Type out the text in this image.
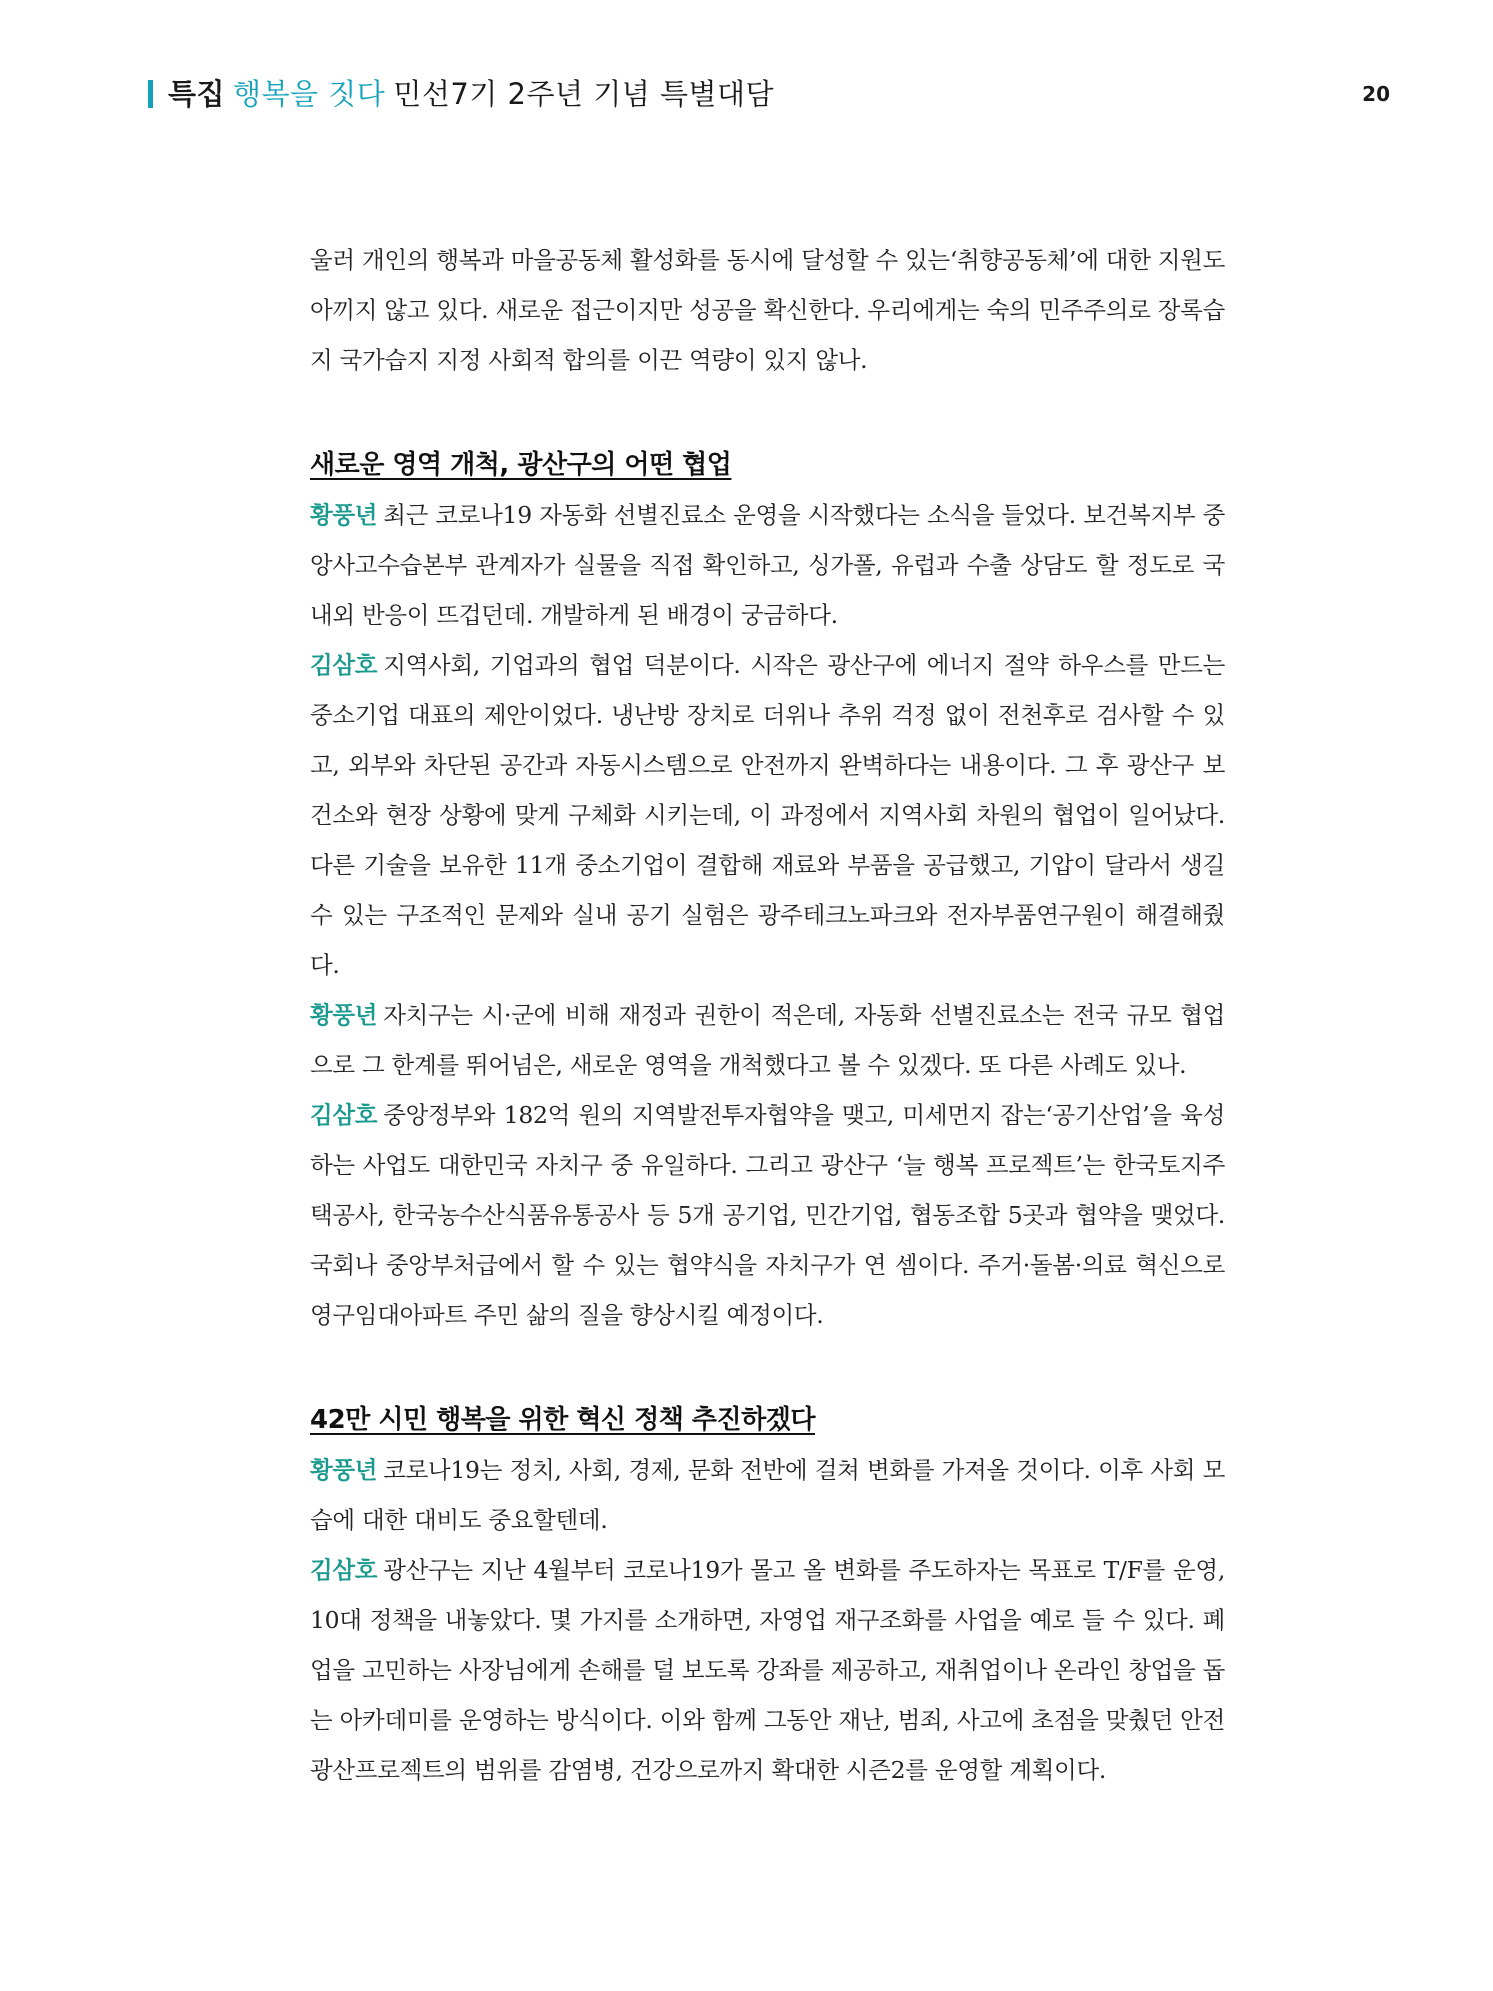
특집 행복을 짓다 민선7기 2주년 기념 특별대담	20

울러 개인의 행복과 마을공동체 활성화를 동시에 달성할 수 있는‘취향공동체’에 대한 지원도 아끼지 않고 있다. 새로운 접근이지만 성공을 확신한다. 우리에게는 숙의 민주주의로 장록습지 국가습지 지정 사회적 합의를 이끈 역량이 있지 않나.

새로운 영역 개척, 광산구의 어떤 협업

황풍년 최근 코로나19 자동화 선별진료소 운영을 시작했다는 소식을 들었다. 보건복지부 중앙사고수습본부 관계자가 실물을 직접 확인하고, 싱가폴, 유럽과 수출 상담도 할 정도로 국내외 반응이 뜨겁던데. 개발하게 된 배경이 궁금하다.

김삼호 지역사회, 기업과의 협업 덕분이다. 시작은 광산구에 에너지 절약 하우스를 만드는 중소기업 대표의 제안이었다. 냉난방 장치로 더위나 추위 걱정 없이 전천후로 검사할 수 있고, 외부와 차단된 공간과 자동시스템으로 안전까지 완벽하다는 내용이다. 그 후 광산구 보건소와 현장 상황에 맞게 구체화 시키는데, 이 과정에서 지역사회 차원의 협업이 일어났다. 다른 기술을 보유한 11개 중소기업이 결합해 재료와 부품을 공급했고, 기압이 달라서 생길 수 있는 구조적인 문제와 실내 공기 실험은 광주테크노파크와 전자부품연구원이 해결해줬다.

황풍년 자치구는 시·군에 비해 재정과 권한이 적은데, 자동화 선별진료소는 전국 규모 협업으로 그 한계를 뛰어넘은, 새로운 영역을 개척했다고 볼 수 있겠다. 또 다른 사례도 있나.

김삼호 중앙정부와 182억 원의 지역발전투자협약을 맺고, 미세먼지 잡는‘공기산업’을 육성하는 사업도 대한민국 자치구 중 유일하다. 그리고 광산구 ‘늘 행복 프로젝트’는 한국토지주택공사, 한국농수산식품유통공사 등 5개 공기업, 민간기업, 협동조합 5곳과 협약을 맺었다. 국회나 중앙부처급에서 할 수 있는 협약식을 자치구가 연 셈이다. 주거·돌봄·의료 혁신으로 영구임대아파트 주민 삶의 질을 향상시킬 예정이다.

42만 시민 행복을 위한 혁신 정책 추진하겠다

황풍년 코로나19는 정치, 사회, 경제, 문화 전반에 걸쳐 변화를 가져올 것이다. 이후 사회 모습에 대한 대비도 중요할텐데.

김삼호 광산구는 지난 4월부터 코로나19가 몰고 올 변화를 주도하자는 목표로 T/F를 운영, 10대 정책을 내놓았다. 몇 가지를 소개하면, 자영업 재구조화를 사업을 예로 들 수 있다. 폐업을 고민하는 사장님에게 손해를 덜 보도록 강좌를 제공하고, 재취업이나 온라인 창업을 돕는 아카데미를 운영하는 방식이다. 이와 함께 그동안 재난, 범죄, 사고에 초점을 맞췄던 안전광산프로젝트의 범위를 감염병, 건강으로까지 확대한 시즌2를 운영할 계획이다.
